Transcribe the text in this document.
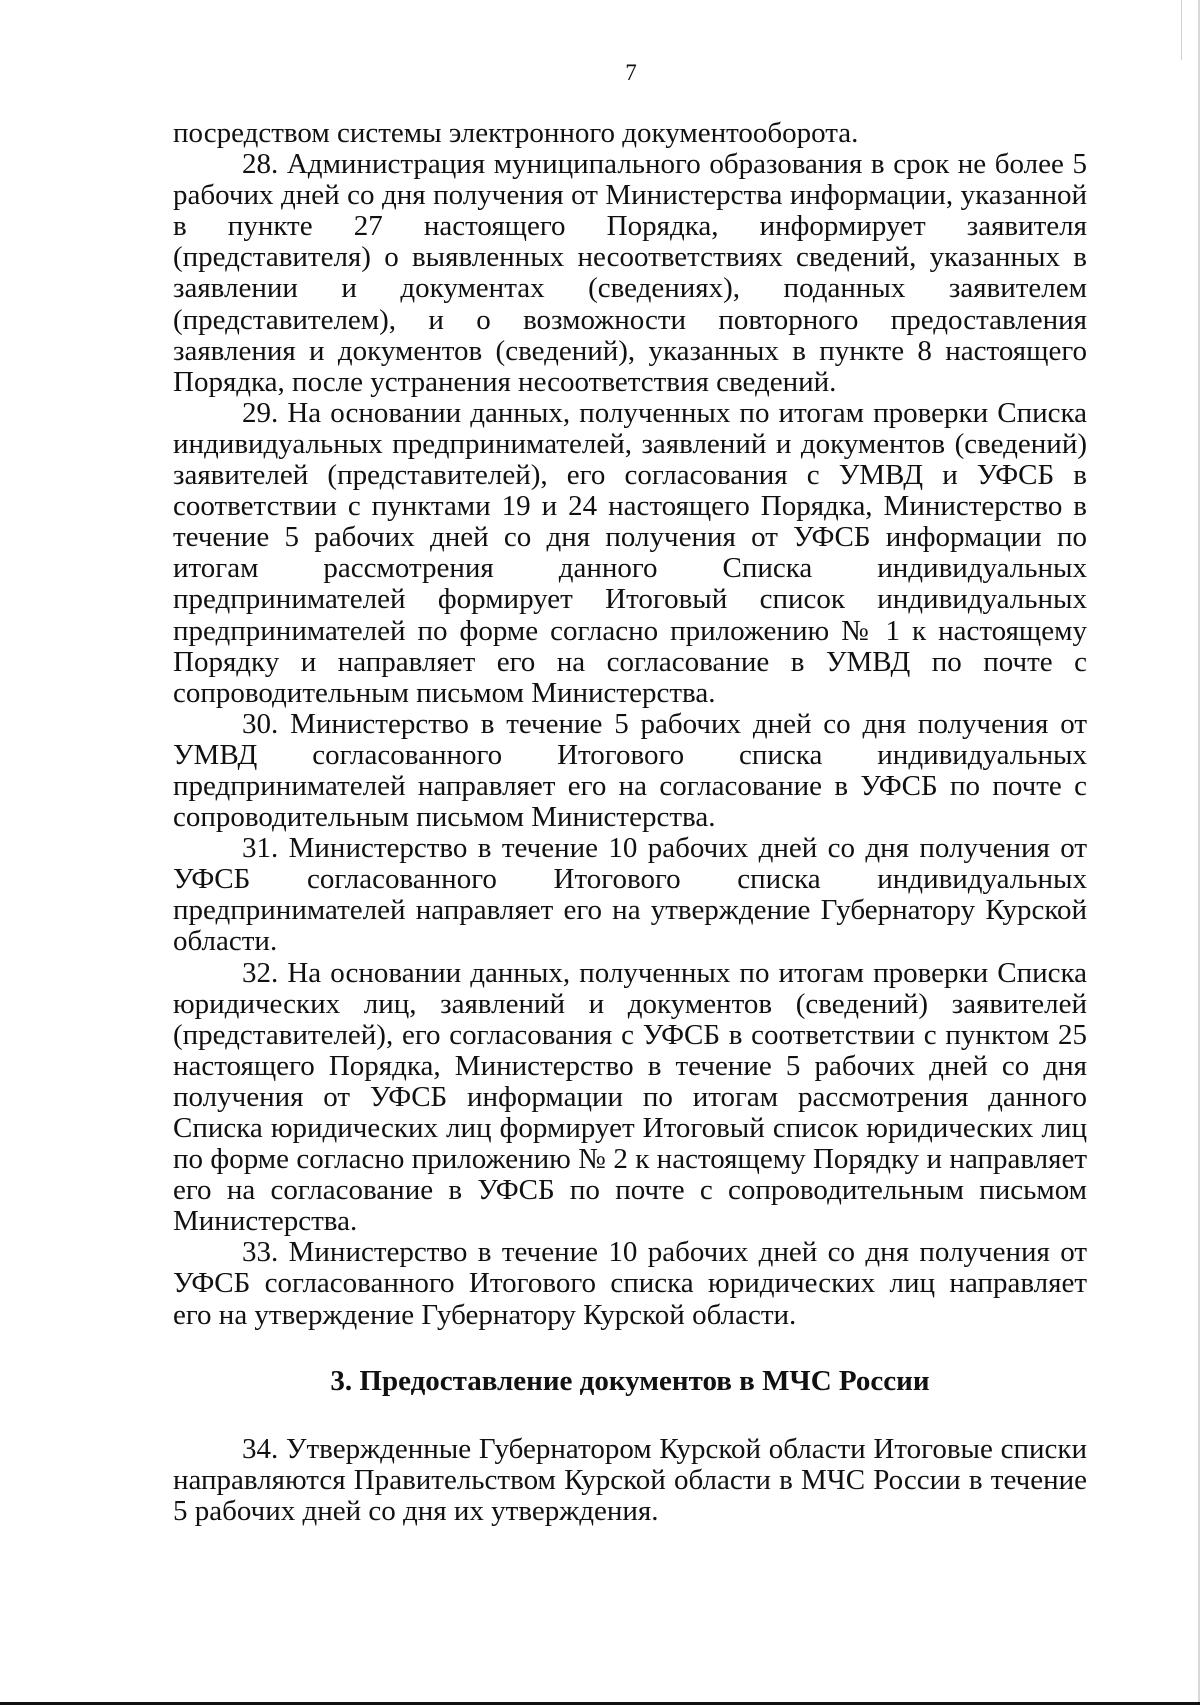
7

посредством системы электронного документооборота.

28. Администрация муниципального образования в срок не более 5 рабочих дней со дня получения от Министерства информации, указанной в пункте 27 настоящего Порядка, информирует заявителя (представителя) о выявленных несоответствиях сведений, указанных в заявлении и документах (сведениях), поданных заявителем (представителем), и о возможности повторного предоставления заявления и документов (сведений), указанных в пункте 8 настоящего Порядка, после устранения несоответствия сведений.

29. На основании данных, полученных по итогам проверки Списка индивидуальных предпринимателей, заявлений и документов (сведений) заявителей (представителей), его согласования с УМВД и УФСБ в соответствии с пунктами 19 и 24 настоящего Порядка, Министерство в течение 5 рабочих дней со дня получения от УФСБ информации по итогам рассмотрения данного Списка индивидуальных предпринимателей формирует Итоговый список индивидуальных предпринимателей по форме согласно приложению № 1 к настоящему Порядку и направляет его на согласование в УМВД по почте с сопроводительным письмом Министерства.

30. Министерство в течение 5 рабочих дней со дня получения от УМВД согласованного Итогового списка индивидуальных предпринимателей направляет его на согласование в УФСБ по почте с сопроводительным письмом Министерства.

31. Министерство в течение 10 рабочих дней со дня получения от УФСБ согласованного Итогового списка индивидуальных предпринимателей направляет его на утверждение Губернатору Курской области.

32. На основании данных, полученных по итогам проверки Списка юридических лиц, заявлений и документов (сведений) заявителей (представителей), его согласования с УФСБ в соответствии с пунктом 25 настоящего Порядка, Министерство в течение 5 рабочих дней со дня получения от УФСБ информации по итогам рассмотрения данного Списка юридических лиц формирует Итоговый список юридических лиц по форме согласно приложению № 2 к настоящему Порядку и направляет его на согласование в УФСБ по почте с сопроводительным письмом Министерства.

33. Министерство в течение 10 рабочих дней со дня получения от УФСБ согласованного Итогового списка юридических лиц направляет его на утверждение Губернатору Курской области.

3. Предоставление документов в МЧС России

34. Утвержденные Губернатором Курской области Итоговые списки направляются Правительством Курской области в МЧС России в течение 5 рабочих дней со дня их утверждения.
